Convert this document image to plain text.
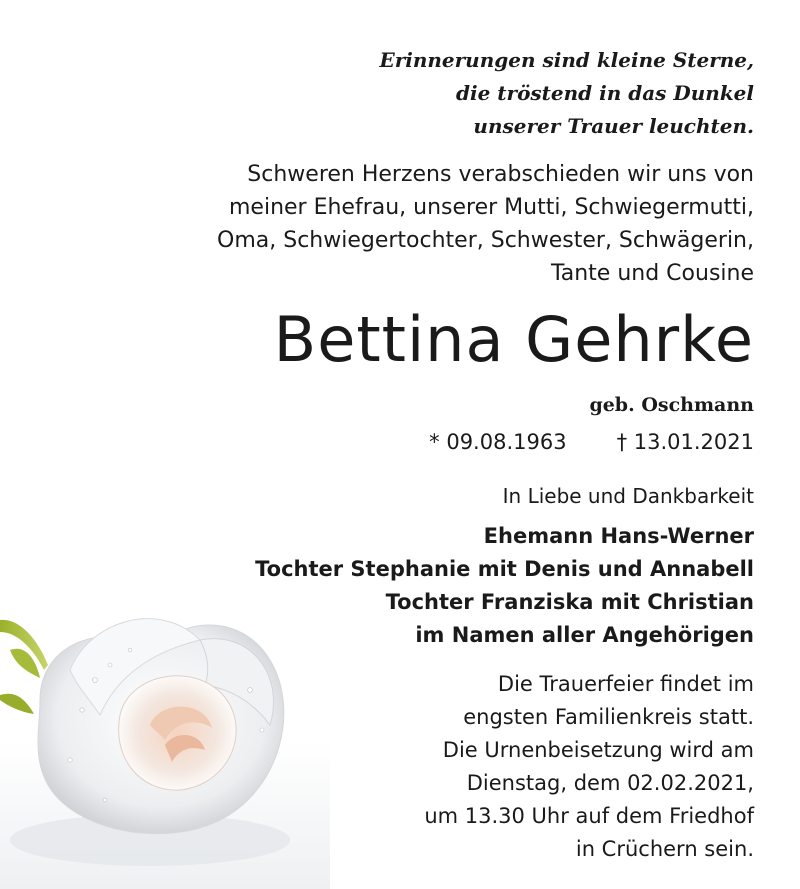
Erinnerungen sind kleine Sterne,
die tröstend in das Dunkel
unserer Trauer leuchten.
Schweren Herzens verabschieden wir uns von
meiner Ehefrau, unserer Mutti, Schwiegermutti,
Oma, Schwiegertochter, Schwester, Schwägerin,
Tante und Cousine
Bettina Gehrke
geb. Oschmann
* 09.08.1963 † 13.01.2021
In Liebe und Dankbarkeit
Ehemann Hans-Werner
Tochter Stephanie mit Denis und Annabell
Tochter Franziska mit Christian
im Namen aller Angehörigen
Die Trauerfeier findet im
engsten Familienkreis statt.
Die Urnenbeisetzung wird am
Dienstag, dem 02.02.2021,
um 13.30 Uhr auf dem Friedhof
in Crüchern sein.
